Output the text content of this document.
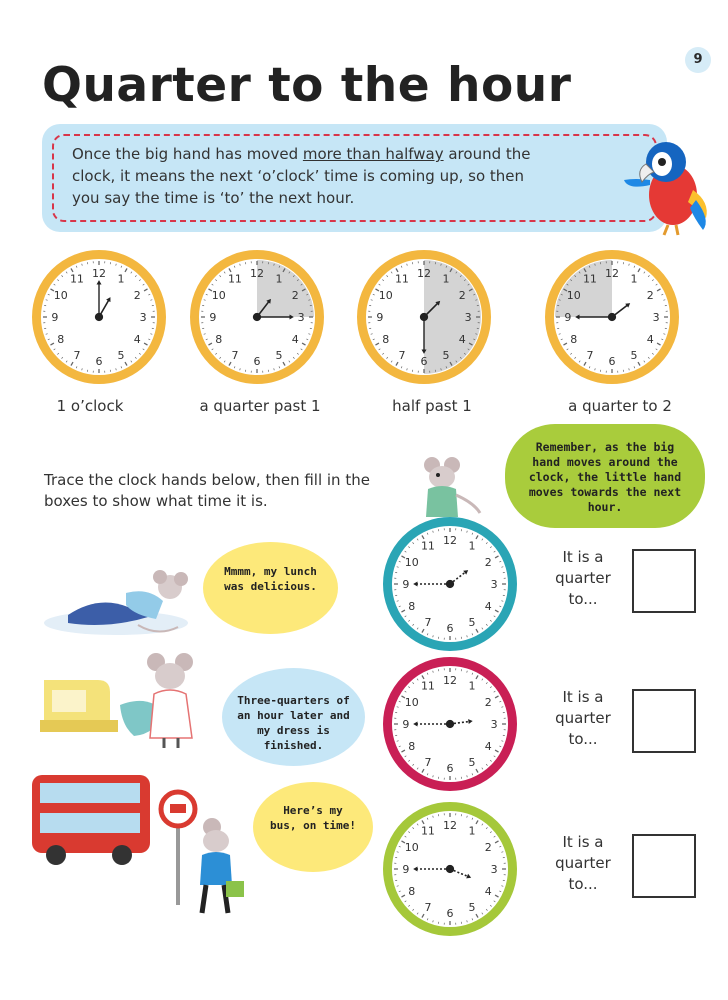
9
Quarter to the hour

Once the big hand has moved more than halfway around the clock, it means the next ‘o’clock’ time is coming up, so then you say the time is ‘to’ the next hour.

12 1
2
3
4
5
6
7
8
9
10
11
1 o’clock
12 1
2
3
4
5
6
7
8
9
10
11
a quarter past 1
12 1
2
3
4
5
6
7
8
9
10
11
half past 1
12 1
2
3
4
5
6
7
8
9
10
11
a quarter to 2

Trace the clock hands below, then fill in the boxes to show what time it is.

Remember, as the big hand moves around the clock, the little hand moves towards the next hour.
12 1
2
3
4
5
6
7
8
9
10
11
Mmmm, my lunch was delicious.
It is a
quarter
to...
12 1
2
3
4
5
6
7
8
9
10
11
Three-quarters of an hour later and my dress is finished.
It is a
quarter
to...
12 1
2
3
4
5
6
7
8
9
10
11
Here’s my bus, on time!
It is a
quarter
to...
